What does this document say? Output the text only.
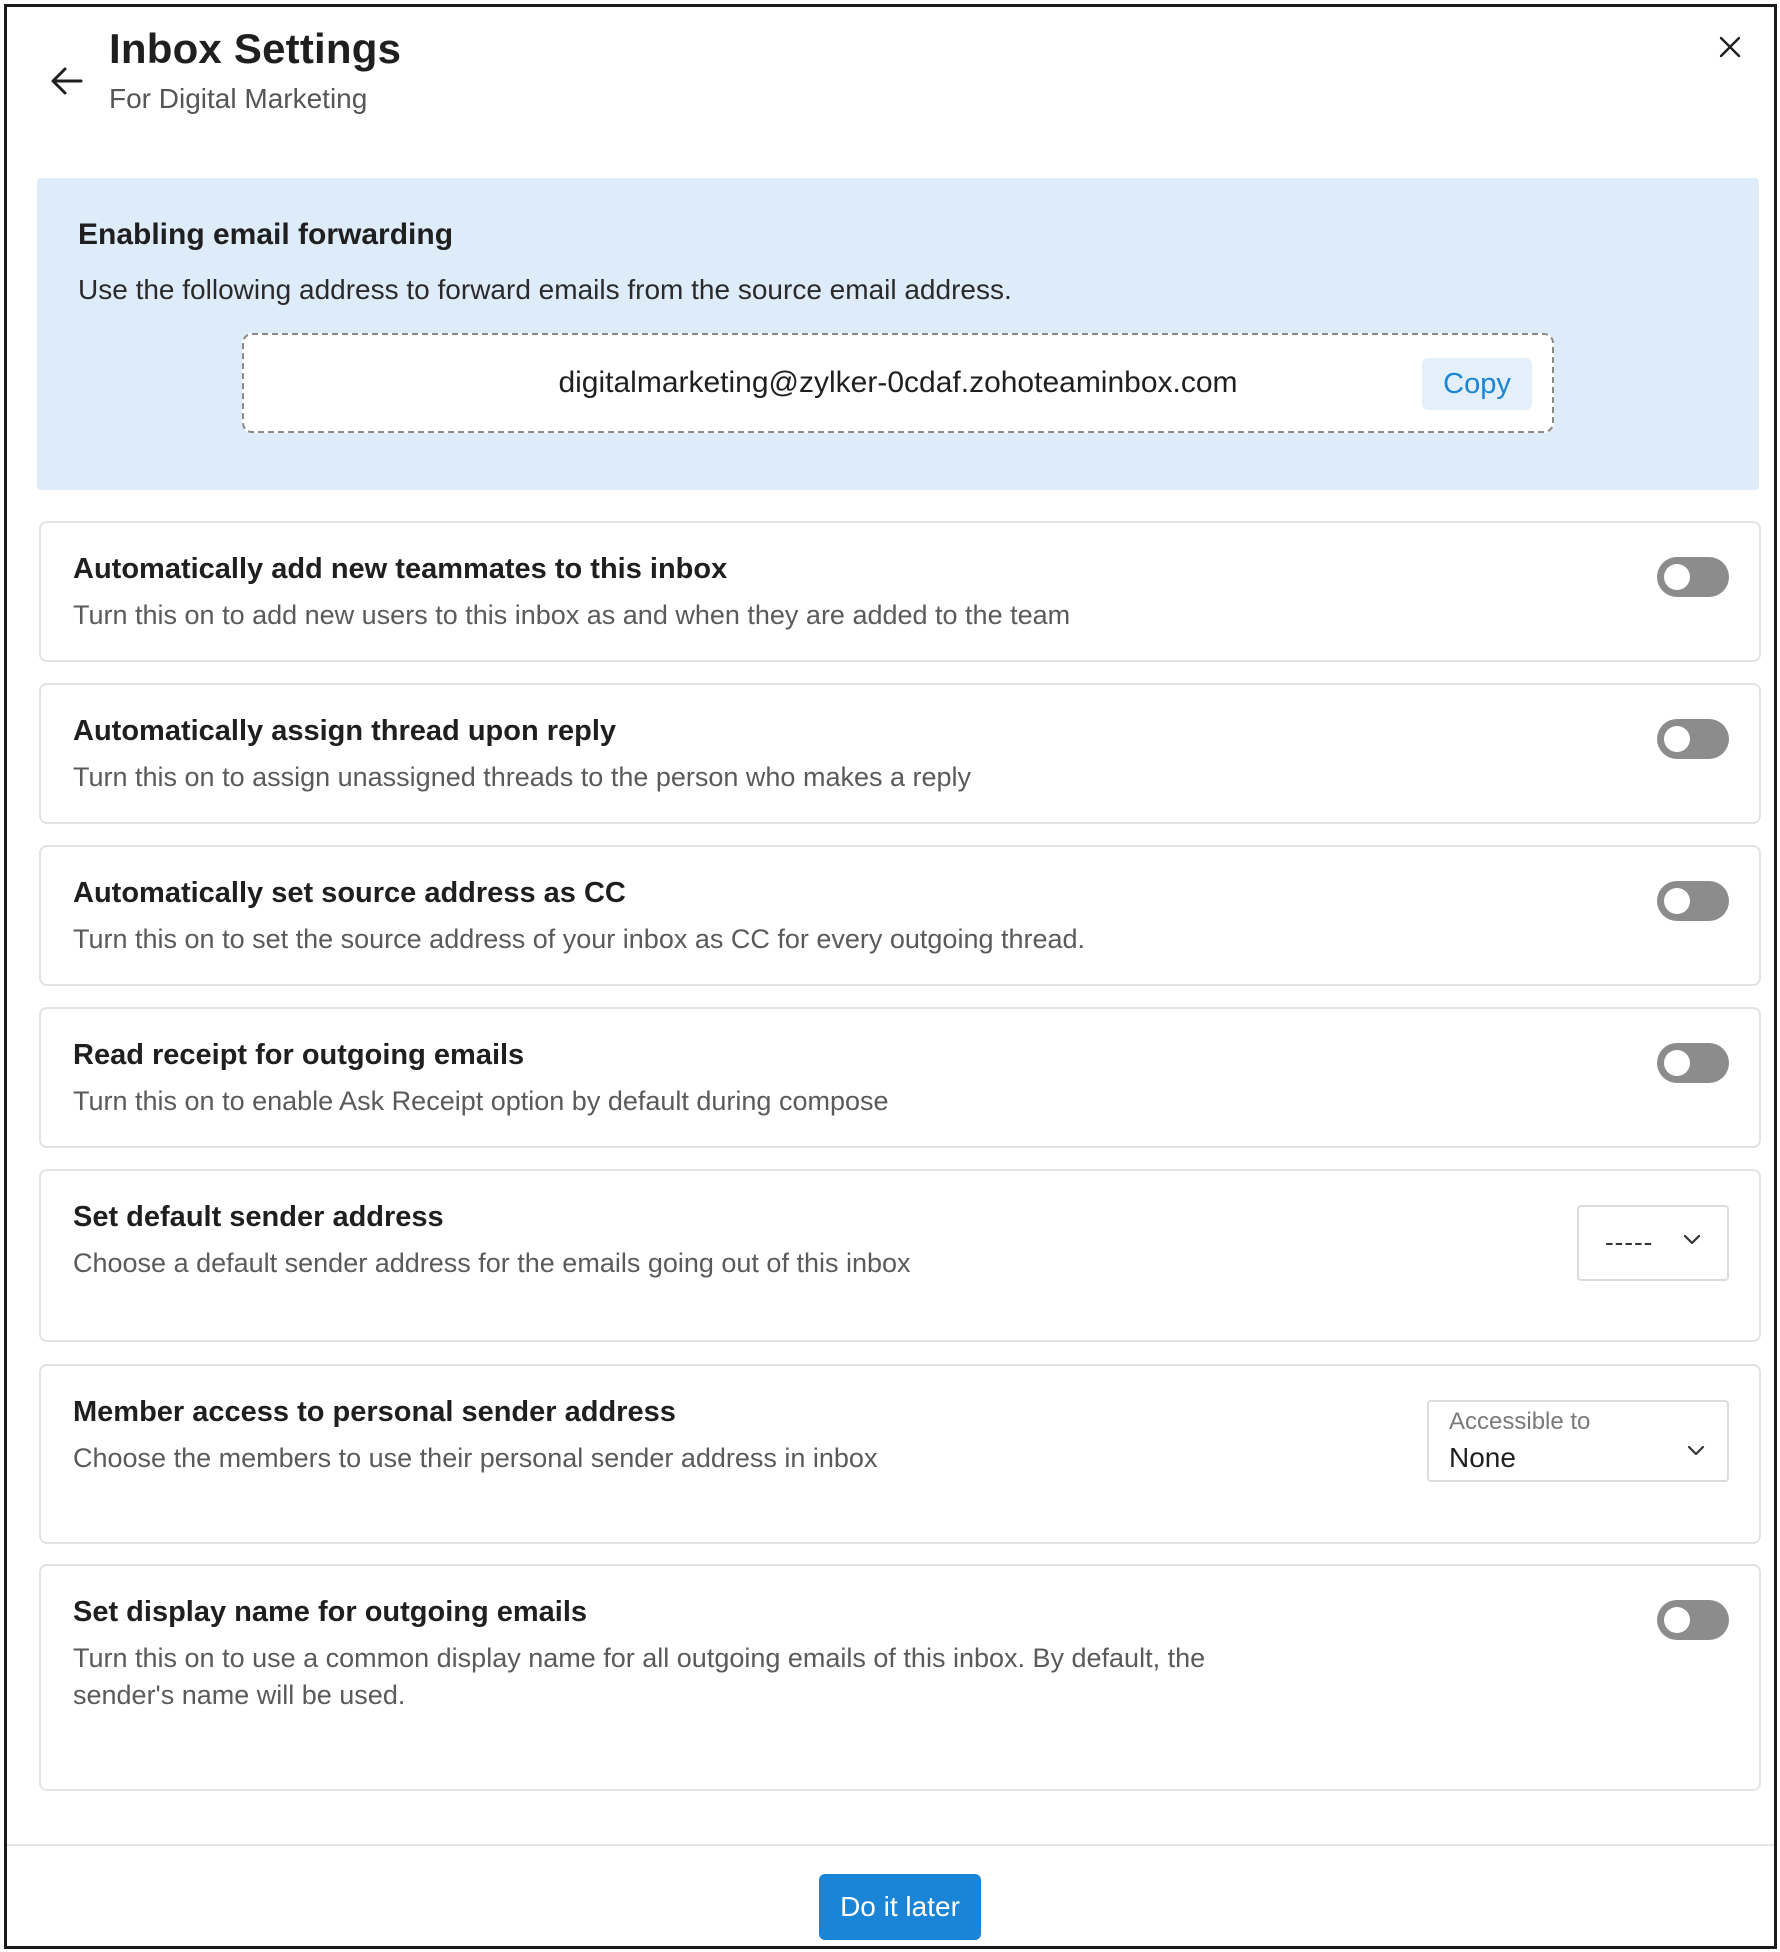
Inbox Settings
For Digital Marketing
Enabling email forwarding
Use the following address to forward emails from the source email address.
digitalmarketing@zylker-0cdaf.zohoteaminbox.com	Copy
Automatically add new teammates to this inbox
Turn this on to add new users to this inbox as and when they are added to the team
Automatically assign thread upon reply
Turn this on to assign unassigned threads to the person who makes a reply
Automatically set source address as CC
Turn this on to set the source address of your inbox as CC for every outgoing thread.
Read receipt for outgoing emails
Turn this on to enable Ask Receipt option by default during compose
Set default sender address
Choose a default sender address for the emails going out of this inbox
-----
Member access to personal sender address
Choose the members to use their personal sender address in inbox
Accessible to
None
Set display name for outgoing emails
Turn this on to use a common display name for all outgoing emails of this inbox. By default, the sender's name will be used.
Do it later
